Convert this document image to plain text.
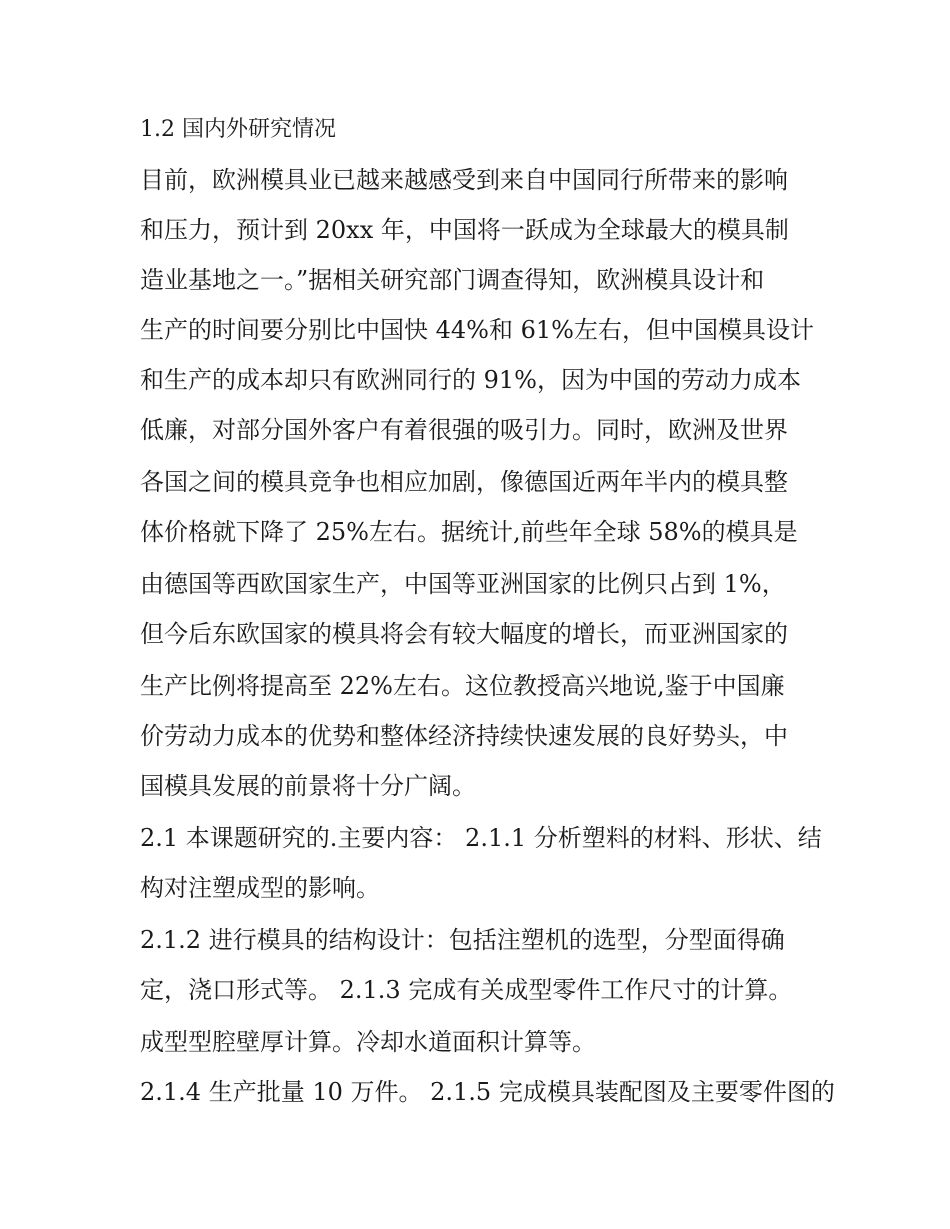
1.2 国内外研究情况
目前，欧洲模具业已越来越感受到来自中国同行所带来的影响
和压力，预计到 20xx 年，中国将一跃成为全球最大的模具制
造业基地之一。”据相关研究部门调查得知，欧洲模具设计和
生产的时间要分别比中国快 44%和 61%左右，但中国模具设计
和生产的成本却只有欧洲同行的 91%，因为中国的劳动力成本
低廉，对部分国外客户有着很强的吸引力。同时，欧洲及世界
各国之间的模具竞争也相应加剧，像德国近两年半内的模具整
体价格就下降了 25%左右。据统计,前些年全球 58%的模具是
由德国等西欧国家生产，中国等亚洲国家的比例只占到 1%，
但今后东欧国家的模具将会有较大幅度的增长，而亚洲国家的
生产比例将提高至 22%左右。这位教授高兴地说,鉴于中国廉
价劳动力成本的优势和整体经济持续快速发展的良好势头，中
国模具发展的前景将十分广阔。
2.1 本课题研究的.主要内容： 2.1.1 分析塑料的材料、形状、结
构对注塑成型的影响。
2.1.2 进行模具的结构设计：包括注塑机的选型，分型面得确
定，浇口形式等。 2.1.3 完成有关成型零件工作尺寸的计算。
成型型腔壁厚计算。冷却水道面积计算等。
2.1.4 生产批量 10 万件。 2.1.5 完成模具装配图及主要零件图的
